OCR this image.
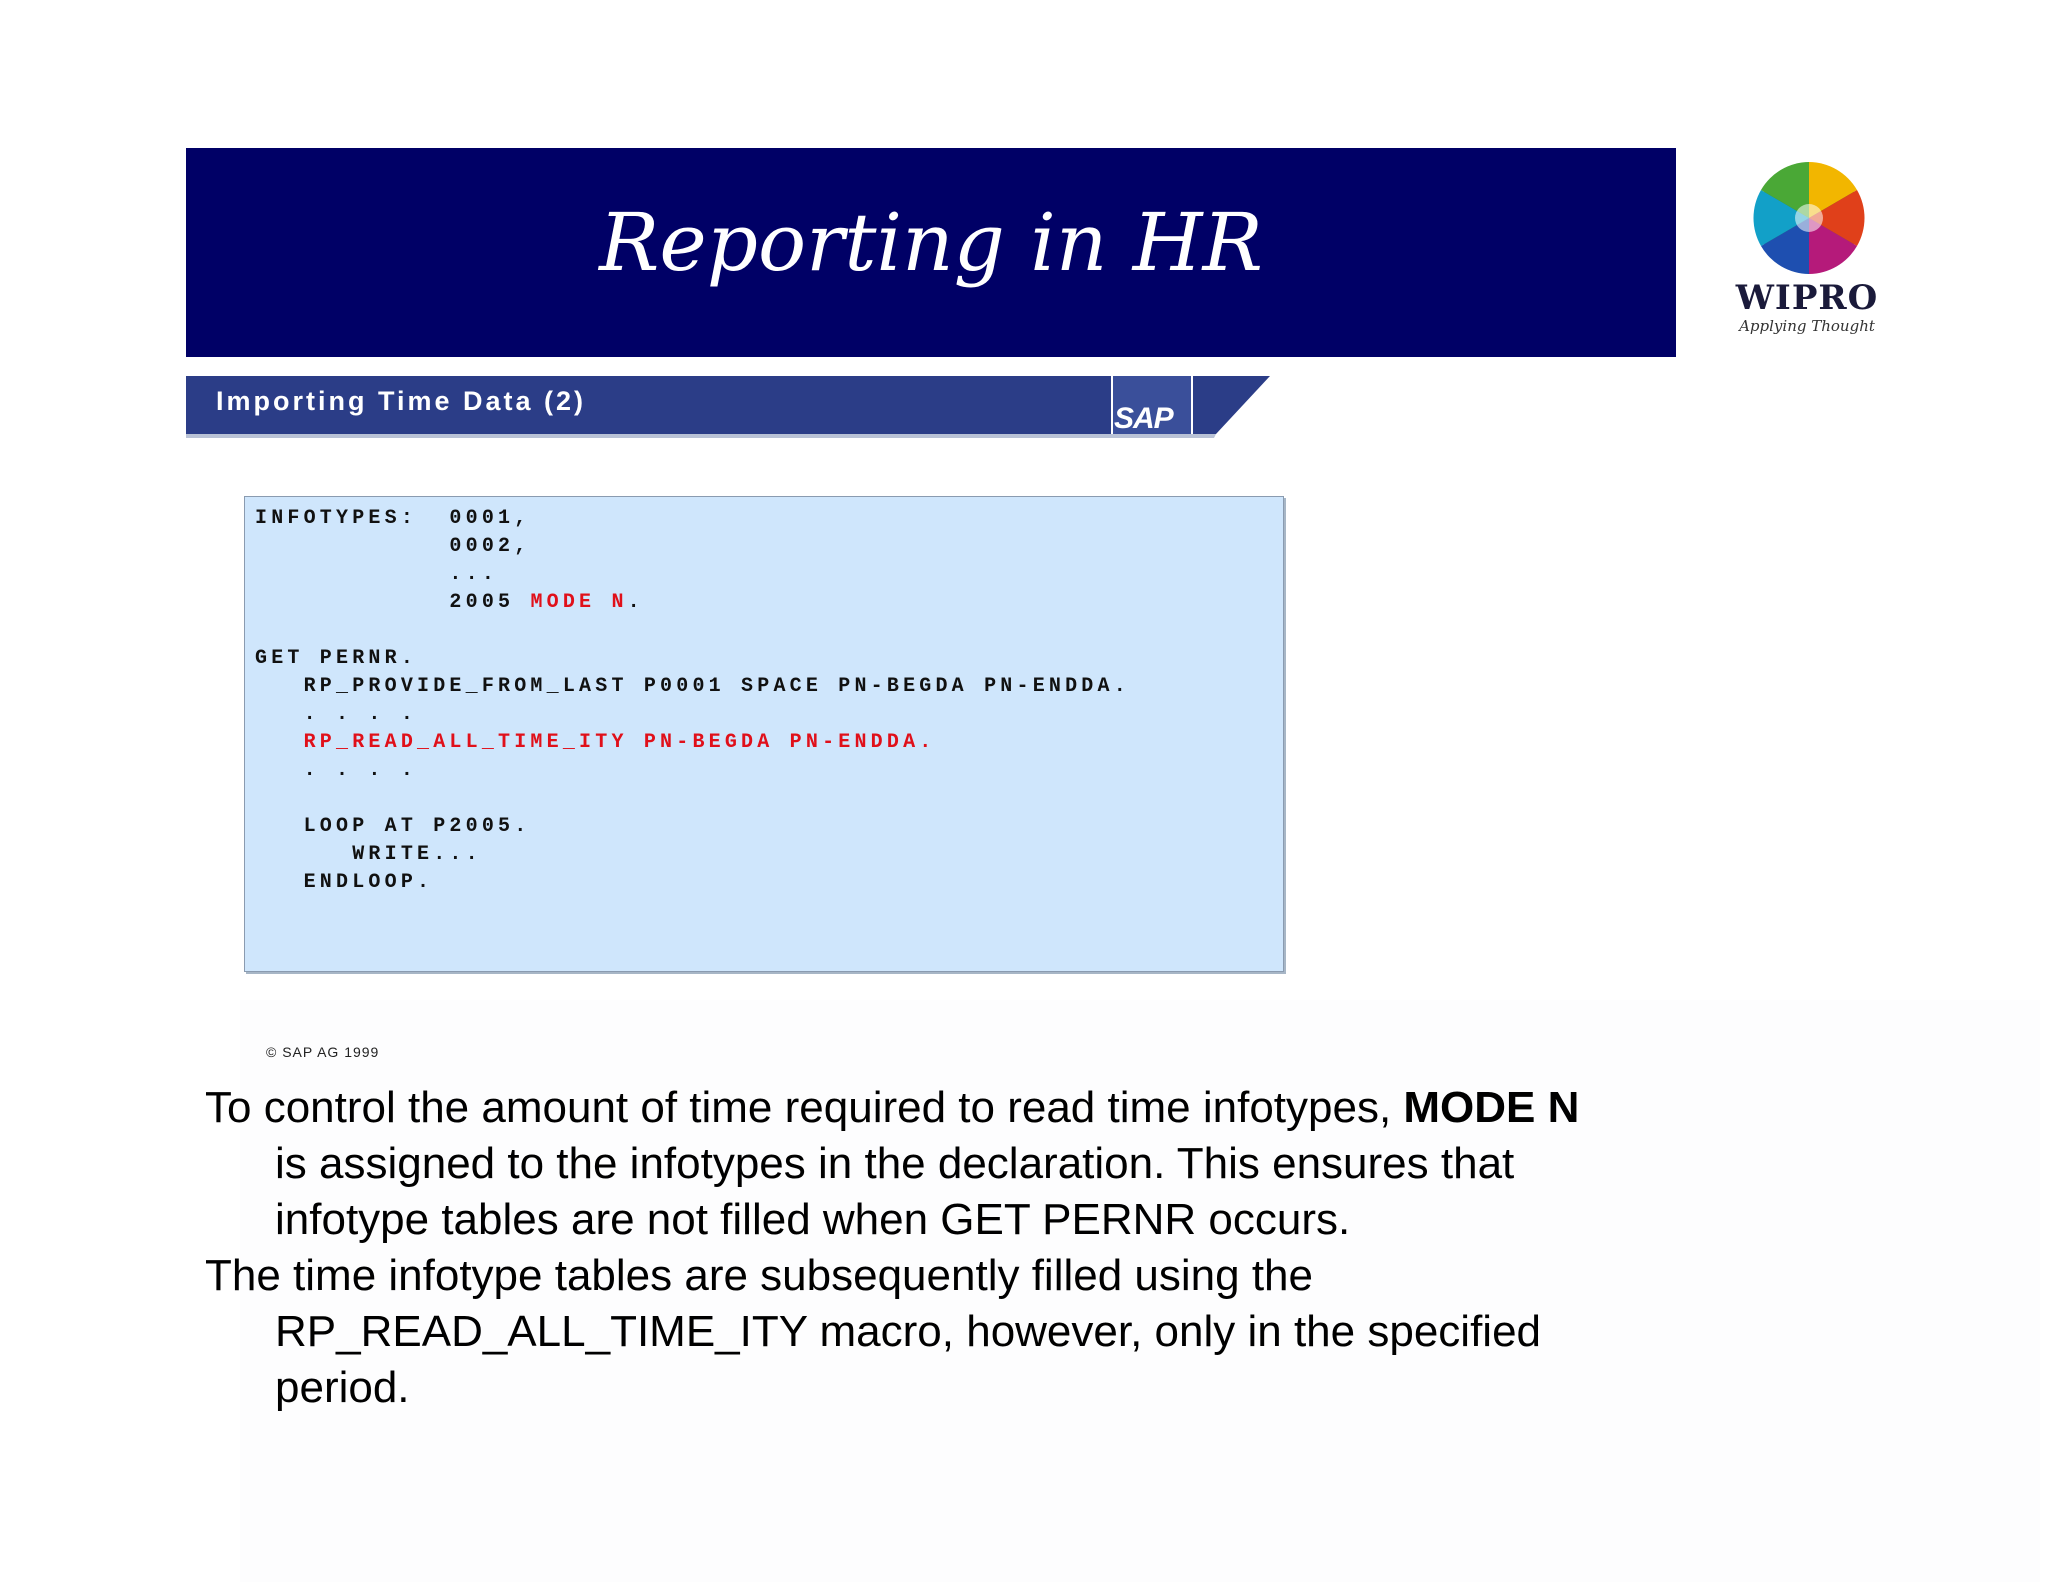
Reporting in HR
WIPRO
Applying Thought
Importing Time Data (2)
SAP
INFOTYPES:  0001,
0002,
...
2005 MODE N.

GET PERNR.
RP_PROVIDE_FROM_LAST P0001 SPACE PN-BEGDA PN-ENDDA.
. . . .
RP_READ_ALL_TIME_ITY PN-BEGDA PN-ENDDA.
. . . .

LOOP AT P2005.
WRITE...
ENDLOOP.
© SAP AG 1999

To control the amount of time required to read time infotypes, MODE N
is assigned to the infotypes in the declaration. This ensures that
infotype tables are not filled when GET PERNR occurs.

The time infotype tables are subsequently filled using the
RP_READ_ALL_TIME_ITY macro, however, only in the specified
period.
